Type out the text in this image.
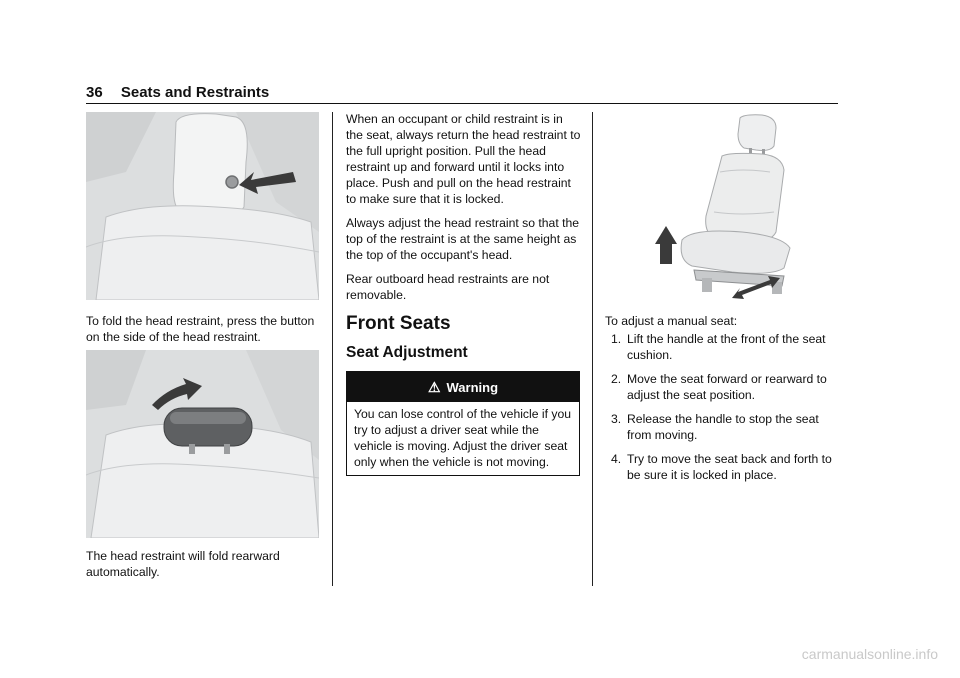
36 Seats and Restraints

To fold the head restraint, press the button on the side of the head restraint.

The head restraint will fold rearward automatically.

When an occupant or child restraint is in the seat, always return the head restraint to the full upright position. Pull the head restraint up and forward until it locks into place. Push and pull on the head restraint to make sure that it is locked.

Always adjust the head restraint so that the top of the restraint is at the same height as the top of the occupant's head.

Rear outboard head restraints are not removable.

Front Seats
Seat Adjustment
⚠ Warning
You can lose control of the vehicle if you try to adjust a driver seat while the vehicle is moving. Adjust the driver seat only when the vehicle is not moving.

To adjust a manual seat:

1. Lift the handle at the front of the seat cushion.
2. Move the seat forward or rearward to adjust the seat position.
3. Release the handle to stop the seat from moving.
4. Try to move the seat back and forth to be sure it is locked in place.
carmanualsonline.info
